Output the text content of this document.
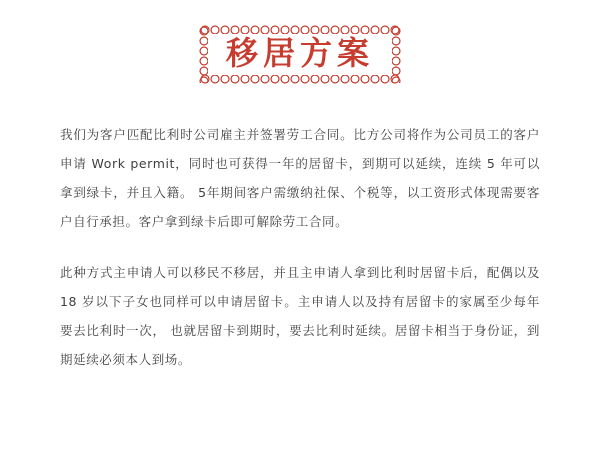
移居方案

我们为客户匹配比利时公司雇主并签署劳工合同。比方公司将作为公司员工的客户申请 Work permit，同时也可获得一年的居留卡，到期可以延续，连续 5 年可以拿到绿卡，并且入籍。 5年期间客户需缴纳社保、个税等，以工资形式体现需要客户自行承担。客户拿到绿卡后即可解除劳工合同。

此种方式主申请人可以移民不移居，并且主申请人拿到比利时居留卡后，配偶以及 18 岁以下子女也同样可以申请居留卡。主申请人以及持有居留卡的家属至少每年要去比利时一次， 也就居留卡到期时，要去比利时延续。居留卡相当于身份证，到期延续必须本人到场。
